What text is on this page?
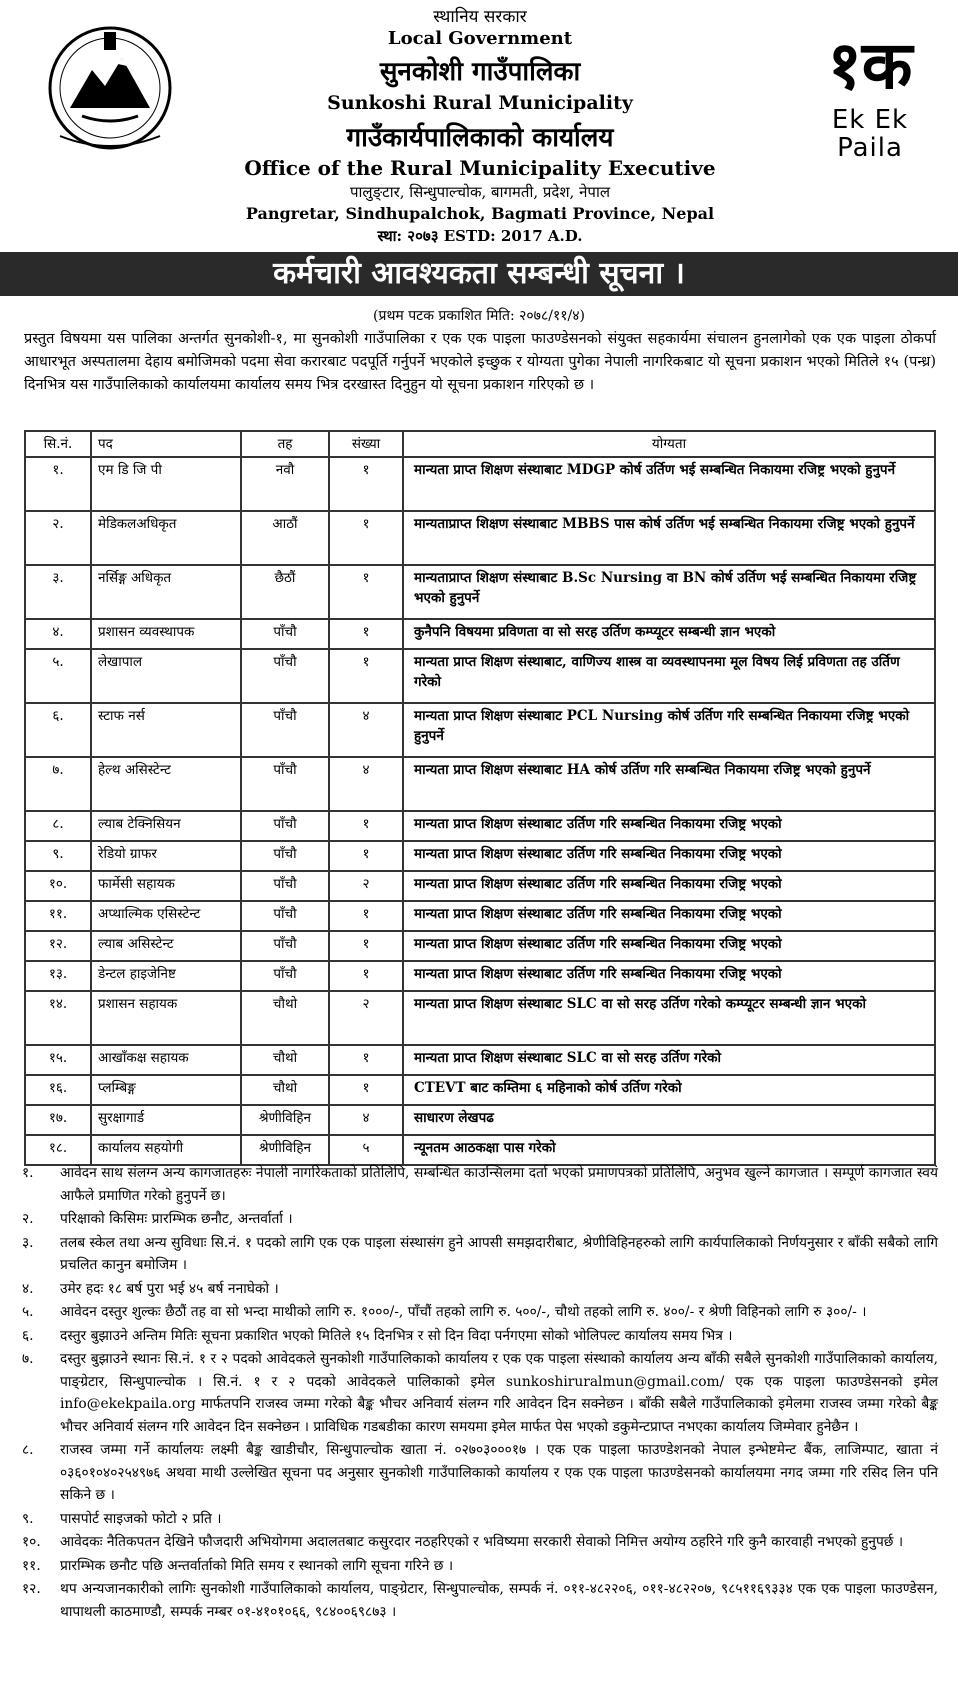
स्थानिय सरकार
Local Government
सुनकोशी गाउँपालिका
Sunkoshi Rural Municipality
गाउँकार्यपालिकाको कार्यालय
Office of the Rural Municipality Executive
पालुङ्टार, सिन्धुपाल्चोक, बागमती, प्रदेश, नेपाल
Pangretar, Sindhupalchok, Bagmati Province, Nepal
स्था: २०७३ ESTD: 2017 A.D.
१क
Ek Ek Paila
कर्मचारी आवश्यकता सम्बन्धी सूचना ।
(प्रथम पटक प्रकाशित मिति: २०७८/११/४)
प्रस्तुत विषयमा यस पालिका अन्तर्गत सुनकोशी-१, मा सुनकोशी गाउँपालिका र एक एक पाइला फाउण्डेसनको संयुक्त सहकार्यमा संचालन हुनलागेको एक एक पाइला ठोकर्पा आधारभूत अस्पतालमा देहाय बमोजिमको पदमा सेवा करारबाट पदपूर्ति गर्नुपर्ने भएकोले इच्छुक र योग्यता पुगेका नेपाली नागरिकबाट यो सूचना प्रकाशन भएको मितिले १५ (पन्ध्र) दिनभित्र यस गाउँपालिकाको कार्यालयमा कार्यालय समय भित्र दरखास्त दिनुहुन यो सूचना प्रकाशन गरिएको छ ।
सि.नं.	पद	तह	संख्या	योग्यता
१.	एम डि जि पी	नवौ	१	मान्यता प्राप्त शिक्षण संस्थाबाट MDGP कोर्ष उर्तिण भई सम्बन्धित निकायमा रजिष्ट्र भएको हुनुपर्ने
२.	मेडिकलअधिकृत	आठौं	१	मान्यताप्राप्त शिक्षण संस्थाबाट MBBS पास कोर्ष उर्तिण भई सम्बन्धित निकायमा रजिष्ट्र भएको हुनुपर्ने
३.	नर्सिङ्ग अधिकृत	छैठौं	१	मान्यताप्राप्त शिक्षण संस्थाबाट B.Sc Nursing वा BN कोर्ष उर्तिण भई सम्बन्धित निकायमा रजिष्ट्र भएको हुनुपर्ने
४.	प्रशासन व्यवस्थापक	पाँचौ	१	कुनैपनि विषयमा प्रविणता वा सो सरह उर्तिण कम्प्यूटर सम्बन्धी ज्ञान भएको
५.	लेखापाल	पाँचौ	१	मान्यता प्राप्त शिक्षण संस्थाबाट, वाणिज्य शास्त्र वा व्यवस्थापनमा मूल विषय लिई प्रविणता तह उर्तिण गरेको
६.	स्टाफ नर्स	पाँचौ	४	मान्यता प्राप्त शिक्षण संस्थाबाट PCL Nursing कोर्ष उर्तिण गरि सम्बन्धित निकायमा रजिष्ट्र भएको हुनुपर्ने
७.	हेल्थ असिस्टेन्ट	पाँचौ	४	मान्यता प्राप्त शिक्षण संस्थाबाट HA कोर्ष उर्तिण गरि सम्बन्धित निकायमा रजिष्ट्र भएको हुनुपर्ने
८.	ल्याब टेक्निसियन	पाँचौ	१	मान्यता प्राप्त शिक्षण संस्थाबाट उर्तिण गरि सम्बन्धित निकायमा रजिष्ट्र भएको
९.	रेडियो ग्राफर	पाँचौ	१	मान्यता प्राप्त शिक्षण संस्थाबाट उर्तिण गरि सम्बन्धित निकायमा रजिष्ट्र भएको
१०.	फार्मेसी सहायक	पाँचौ	२	मान्यता प्राप्त शिक्षण संस्थाबाट उर्तिण गरि सम्बन्धित निकायमा रजिष्ट्र भएको
११.	अप्थाल्मिक एसिस्टेन्ट	पाँचौ	१	मान्यता प्राप्त शिक्षण संस्थाबाट उर्तिण गरि सम्बन्धित निकायमा रजिष्ट्र भएको
१२.	ल्याब असिस्टेन्ट	पाँचौ	१	मान्यता प्राप्त शिक्षण संस्थाबाट उर्तिण गरि सम्बन्धित निकायमा रजिष्ट्र भएको
१३.	डेन्टल हाइजेनिष्ट	पाँचौ	१	मान्यता प्राप्त शिक्षण संस्थाबाट उर्तिण गरि सम्बन्धित निकायमा रजिष्ट्र भएको
१४.	प्रशासन सहायक	चौथो	२	मान्यता प्राप्त शिक्षण संस्थाबाट SLC वा सो सरह उर्तिण गरेको कम्प्यूटर सम्बन्धी ज्ञान भएको
१५.	आखाँकक्ष सहायक	चौथो	१	मान्यता प्राप्त शिक्षण संस्थाबाट SLC वा सो सरह उर्तिण गरेको
१६.	प्लम्बिङ्ग	चौथो	१	CTEVT बाट कम्तिमा ६ महिनाको कोर्ष उर्तिण गरेको
१७.	सुरक्षागार्ड	श्रेणीविहिन	४	साधारण लेखपढ
१८.	कार्यालय सहयोगी	श्रेणीविहिन	५	न्यूनतम आठकक्षा पास गरेको
१.	आवेदन साथ संलग्न अन्य कागजातहरुः नेपाली नागरिकताको प्रतिलिपि, सम्बन्धित काउन्सिलमा दर्ता भएको प्रमाणपत्रको प्रतिलिपि, अनुभव खुल्ने कागजात । सम्पूर्ण कागजात स्वयं आफैले प्रमाणित गरेको हुनुपर्ने छ।
२.	परिक्षाको किसिमः प्रारम्भिक छनौट, अन्तर्वार्ता ।
३.	तलब स्केल तथा अन्य सुविधाः सि.नं. १ पदको लागि एक एक पाइला संस्थासंग हुने आपसी समझदारीबाट, श्रेणीविहिनहरुको लागि कार्यपालिकाको निर्णयनुसार र बाँकी सबैको लागि प्रचलित कानुन बमोजिम ।
४.	उमेर हदः १८ बर्ष पुरा भई ४५ बर्ष ननाघेको ।
५.	आवेदन दस्तुर शुल्कः छैठौं तह वा सो भन्दा माथीको लागि रु. १०००/-, पाँचौं तहको लागि रु. ५००/-, चौथो तहको लागि रु. ४००/- र श्रेणी विहिनको लागि रु ३००/- ।
६.	दस्तुर बुझाउने अन्तिम मितिः सूचना प्रकाशित भएको मितिले १५ दिनभित्र र सो दिन विदा पर्नगएमा सोको भोलिपल्ट कार्यालय समय भित्र ।
७.	दस्तुर बुझाउने स्थानः सि.नं. १ र २ पदको आवेदकले सुनकोशी गाउँपालिकाको कार्यालय र एक एक पाइला संस्थाको कार्यालय अन्य बाँकी सबैले सुनकोशी गाउँपालिकाको कार्यालय, पाङ्ग्रेटार, सिन्धुपाल्चोक । सि.नं. १ र २ पदको आवेदकले पालिकाको इमेल sunkoshiruralmun@gmail.com/ एक एक पाइला फाउण्डेसनको इमेल info@ekekpaila.org मार्फतपनि राजस्व जम्मा गरेको बैङ्क भौचर अनिवार्य संलग्न गरि आवेदन दिन सक्नेछन । बाँकी सबैले गाउँपालिकाको इमेलमा राजस्व जम्मा गरेको बैङ्क भौचर अनिवार्य संलग्न गरि आवेदन दिन सक्नेछन । प्राविधिक गडबडीका कारण समयमा इमेल मार्फत पेस भएको डकुमेन्टप्राप्त नभएका कार्यालय जिम्मेवार हुनेछैन ।
८.	राजस्व जम्मा गर्ने कार्यालयः लक्ष्मी बैङ्क खाडीचौर, सिन्धुपाल्चोक खाता नं. ०२७०३०००१७ । एक एक पाइला फाउण्डेशनको नेपाल इन्भेष्टमेन्ट बैंक, लाजिम्पाट, खाता नं ०३६०१०४०२५४९७६ अथवा माथी उल्लेखित सूचना पद अनुसार सुनकोशी गाउँपालिकाको कार्यालय र एक एक पाइला फाउण्डेसनको कार्यालयमा नगद जम्मा गरि रसिद लिन पनि सकिने छ ।
९.	पासपोर्ट साइजको फोटो २ प्रति ।
१०.	आवेदकः नैतिकपतन देखिने फौजदारी अभियोगमा अदालतबाट कसुरदार नठहरिएको र भविष्यमा सरकारी सेवाको निमित्त अयोग्य ठहरिने गरि कुनै कारवाही नभएको हुनुपर्छ ।
११.	प्रारम्भिक छनौट पछि अन्तर्वार्ताको मिति समय र स्थानको लागि सूचना गरिने छ ।
१२.	थप अन्यजानकारीको लागिः सुनकोशी गाउँपालिकाको कार्यालय, पाङ्ग्रेटार, सिन्धुपाल्चोक, सम्पर्क नं. ०११-४८२२०६, ०११-४८२२०७, ९८५११६९३३४ एक एक पाइला फाउण्डेसन, थापाथली काठमाण्डौ, सम्पर्क नम्बर ०१-४१०१०६६, ९८४००६९८७३ ।
